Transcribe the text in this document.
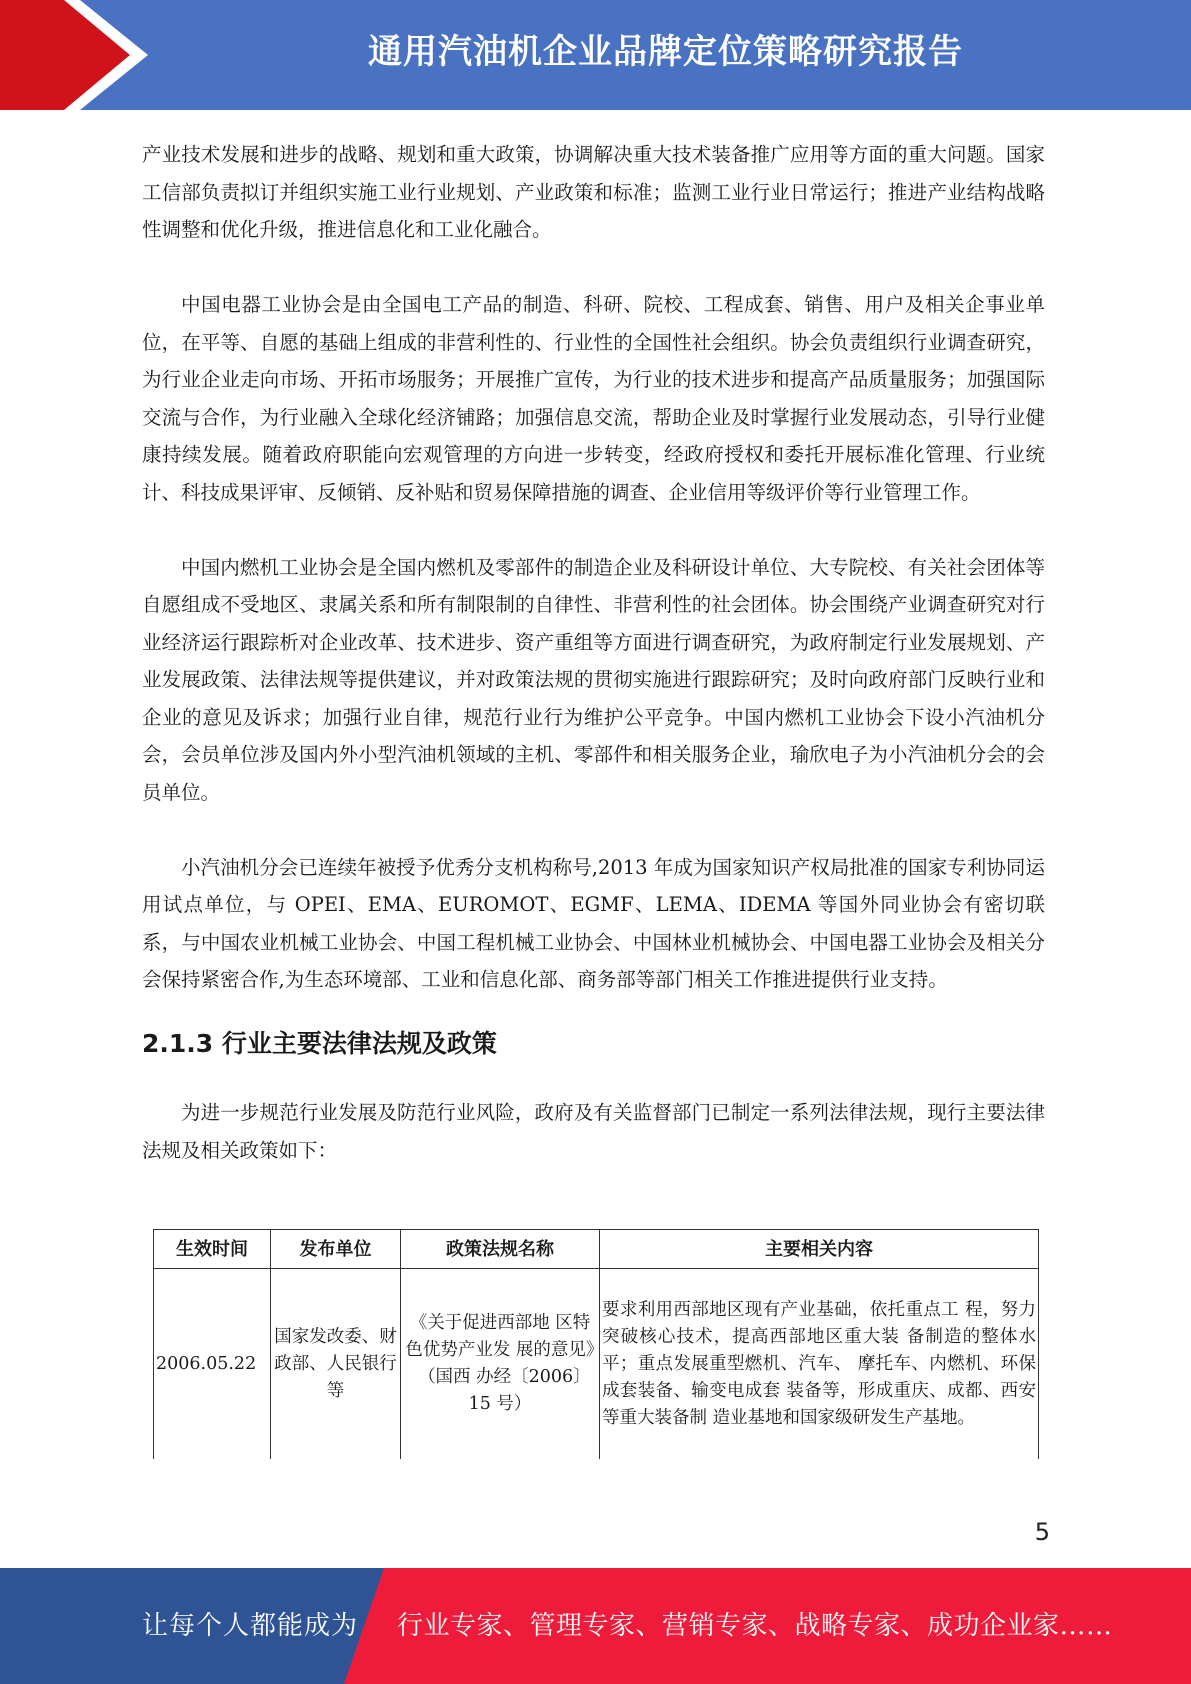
通用汽油机企业品牌定位策略研究报告

产业技术发展和进步的战略、规划和重大政策，协调解决重大技术装备推广应用等方面的重大问题。国家工信部负责拟订并组织实施工业行业规划、产业政策和标准；监测工业行业日常运行；推进产业结构战略性调整和优化升级，推进信息化和工业化融合。

中国电器工业协会是由全国电工产品的制造、科研、院校、工程成套、销售、用户及相关企事业单位，在平等、自愿的基础上组成的非营利性的、行业性的全国性社会组织。协会负责组织行业调查研究，为行业企业走向市场、开拓市场服务；开展推广宣传，为行业的技术进步和提高产品质量服务；加强国际交流与合作，为行业融入全球化经济铺路；加强信息交流，帮助企业及时掌握行业发展动态，引导行业健康持续发展。随着政府职能向宏观管理的方向进一步转变，经政府授权和委托开展标准化管理、行业统计、科技成果评审、反倾销、反补贴和贸易保障措施的调查、企业信用等级评价等行业管理工作。

中国内燃机工业协会是全国内燃机及零部件的制造企业及科研设计单位、大专院校、有关社会团体等自愿组成不受地区、隶属关系和所有制限制的自律性、非营利性的社会团体。协会围绕产业调查研究对行业经济运行跟踪析对企业改革、技术进步、资产重组等方面进行调查研究，为政府制定行业发展规划、产业发展政策、法律法规等提供建议，并对政策法规的贯彻实施进行跟踪研究；及时向政府部门反映行业和企业的意见及诉求；加强行业自律，规范行业行为维护公平竞争。中国内燃机工业协会下设小汽油机分会，会员单位涉及国内外小型汽油机领域的主机、零部件和相关服务企业，瑜欣电子为小汽油机分会的会员单位。

小汽油机分会已连续年被授予优秀分支机构称号,2013 年成为国家知识产权局批准的国家专利协同运用试点单位，与 OPEI、EMA、EUROMOT、EGMF、LEMA、IDEMA 等国外同业协会有密切联系，与中国农业机械工业协会、中国工程机械工业协会、中国林业机械协会、中国电器工业协会及相关分会保持紧密合作,为生态环境部、工业和信息化部、商务部等部门相关工作推进提供行业支持。

2.1.3 行业主要法律法规及政策

为进一步规范行业发展及防范行业风险，政府及有关监督部门已制定一系列法律法规，现行主要法律法规及相关政策如下：

生效时间	发布单位	政策法规名称	主要相关内容
2006.05.22	国家发改委、财政部、人民银行等	《关于促进西部地 区特色优势产业发 展的意见》（国西 办经〔2006〕　　15 号）	要求利用西部地区现有产业基础，依托重点工 程，努力突破核心技术，提高西部地区重大装 备制造的整体水平；重点发展重型燃机、汽车、 摩托车、内燃机、环保成套装备、输变电成套 装备等，形成重庆、成都、西安等重大装备制 造业基地和国家级研发生产基地。
5
让每个人都能成为 行业专家、管理专家、营销专家、战略专家、成功企业家……
